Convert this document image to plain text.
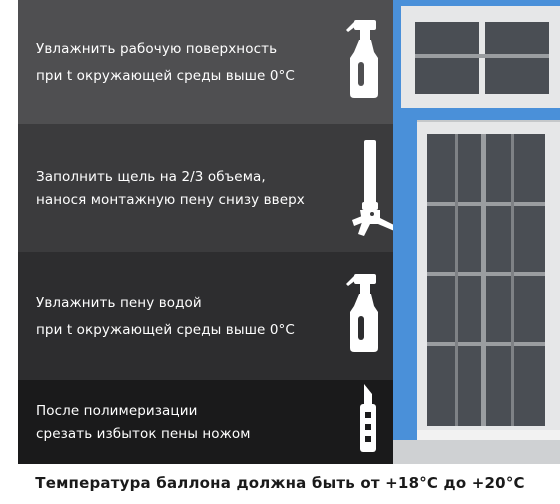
Увлажнить рабочую поверхность
при t окружающей среды выше 0°С
Заполнить щель на 2/3 объема,
нанося монтажную пену снизу вверх
Увлажнить пену водой
при t окружающей среды выше 0°С
После полимеризации
срезать избыток пены ножом
Температура баллона должна быть от +18°С до +20°С
